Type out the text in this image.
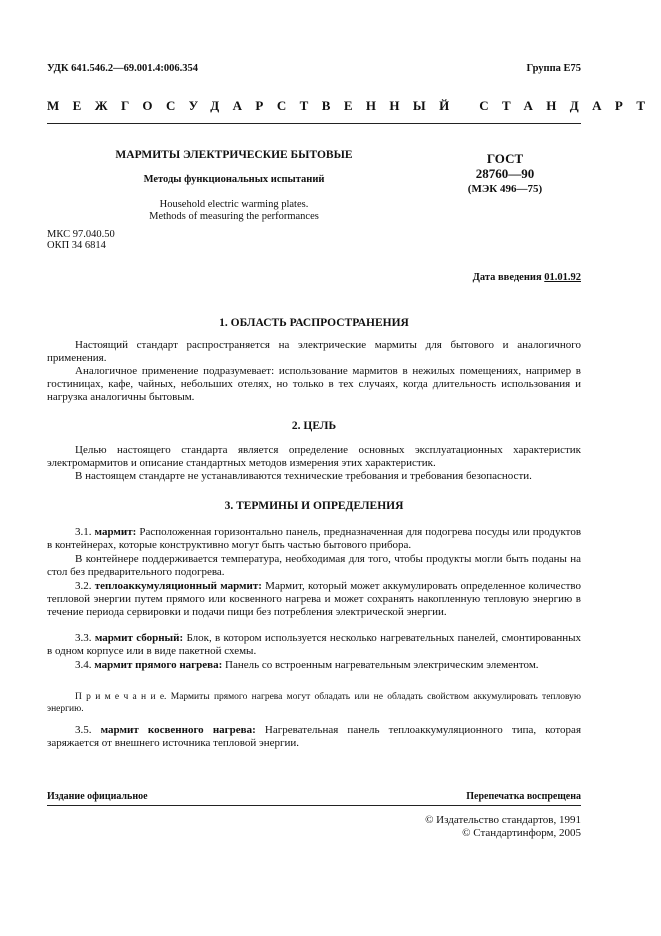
УДК 641.546.2—69.001.4:006.354	Группа Е75
МЕЖГОСУДАРСТВЕННЫЙ СТАНДАРТ
МАРМИТЫ ЭЛЕКТРИЧЕСКИЕ БЫТОВЫЕ
Методы функциональных испытаний
Household electric warming plates.
Methods of measuring the performances
ГОСТ
28760—90
(МЭК 496—75)
МКС 97.040.50
ОКП 34 6814
Дата введения 01.01.92
1. ОБЛАСТЬ РАСПРОСТРАНЕНИЯ
Настоящий стандарт распространяется на электрические мармиты для бытового и аналогичного применения.
Аналогичное применение подразумевает: использование мармитов в нежилых помещениях, например в гостиницах, кафе, чайных, небольших отелях, но только в тех случаях, когда длительность использования и нагрузка аналогичны бытовым.
2. ЦЕЛЬ
Целью настоящего стандарта является определение основных эксплуатационных характеристик электромармитов и описание стандартных методов измерения этих характеристик.
В настоящем стандарте не устанавливаются технические требования и требования безопасности.
3. ТЕРМИНЫ И ОПРЕДЕЛЕНИЯ
3.1. мармит: Расположенная горизонтально панель, предназначенная для подогрева посуды или продуктов в контейнерах, которые конструктивно могут быть частью бытового прибора.
В контейнере поддерживается температура, необходимая для того, чтобы продукты могли быть поданы на стол без предварительного подогрева.
3.2. теплоаккумуляционный мармит: Мармит, который может аккумулировать определенное количество тепловой энергии путем прямого или косвенного нагрева и может сохранять накопленную тепловую энергию в течение периода сервировки и подачи пищи без потребления электрической энергии.
3.3. мармит сборный: Блок, в котором используется несколько нагревательных панелей, смонтированных в одном корпусе или в виде пакетной схемы.
3.4. мармит прямого нагрева: Панель со встроенным нагревательным электрическим элементом.
П р и м е ч а н и е. Мармиты прямого нагрева могут обладать или не обладать свойством аккумулировать тепловую энергию.
3.5. мармит косвенного нагрева: Нагревательная панель теплоаккумуляционного типа, которая заряжается от внешнего источника тепловой энергии.
Издание официальное	Перепечатка воспрещена
© Издательство стандартов, 1991
© Стандартинформ, 2005
